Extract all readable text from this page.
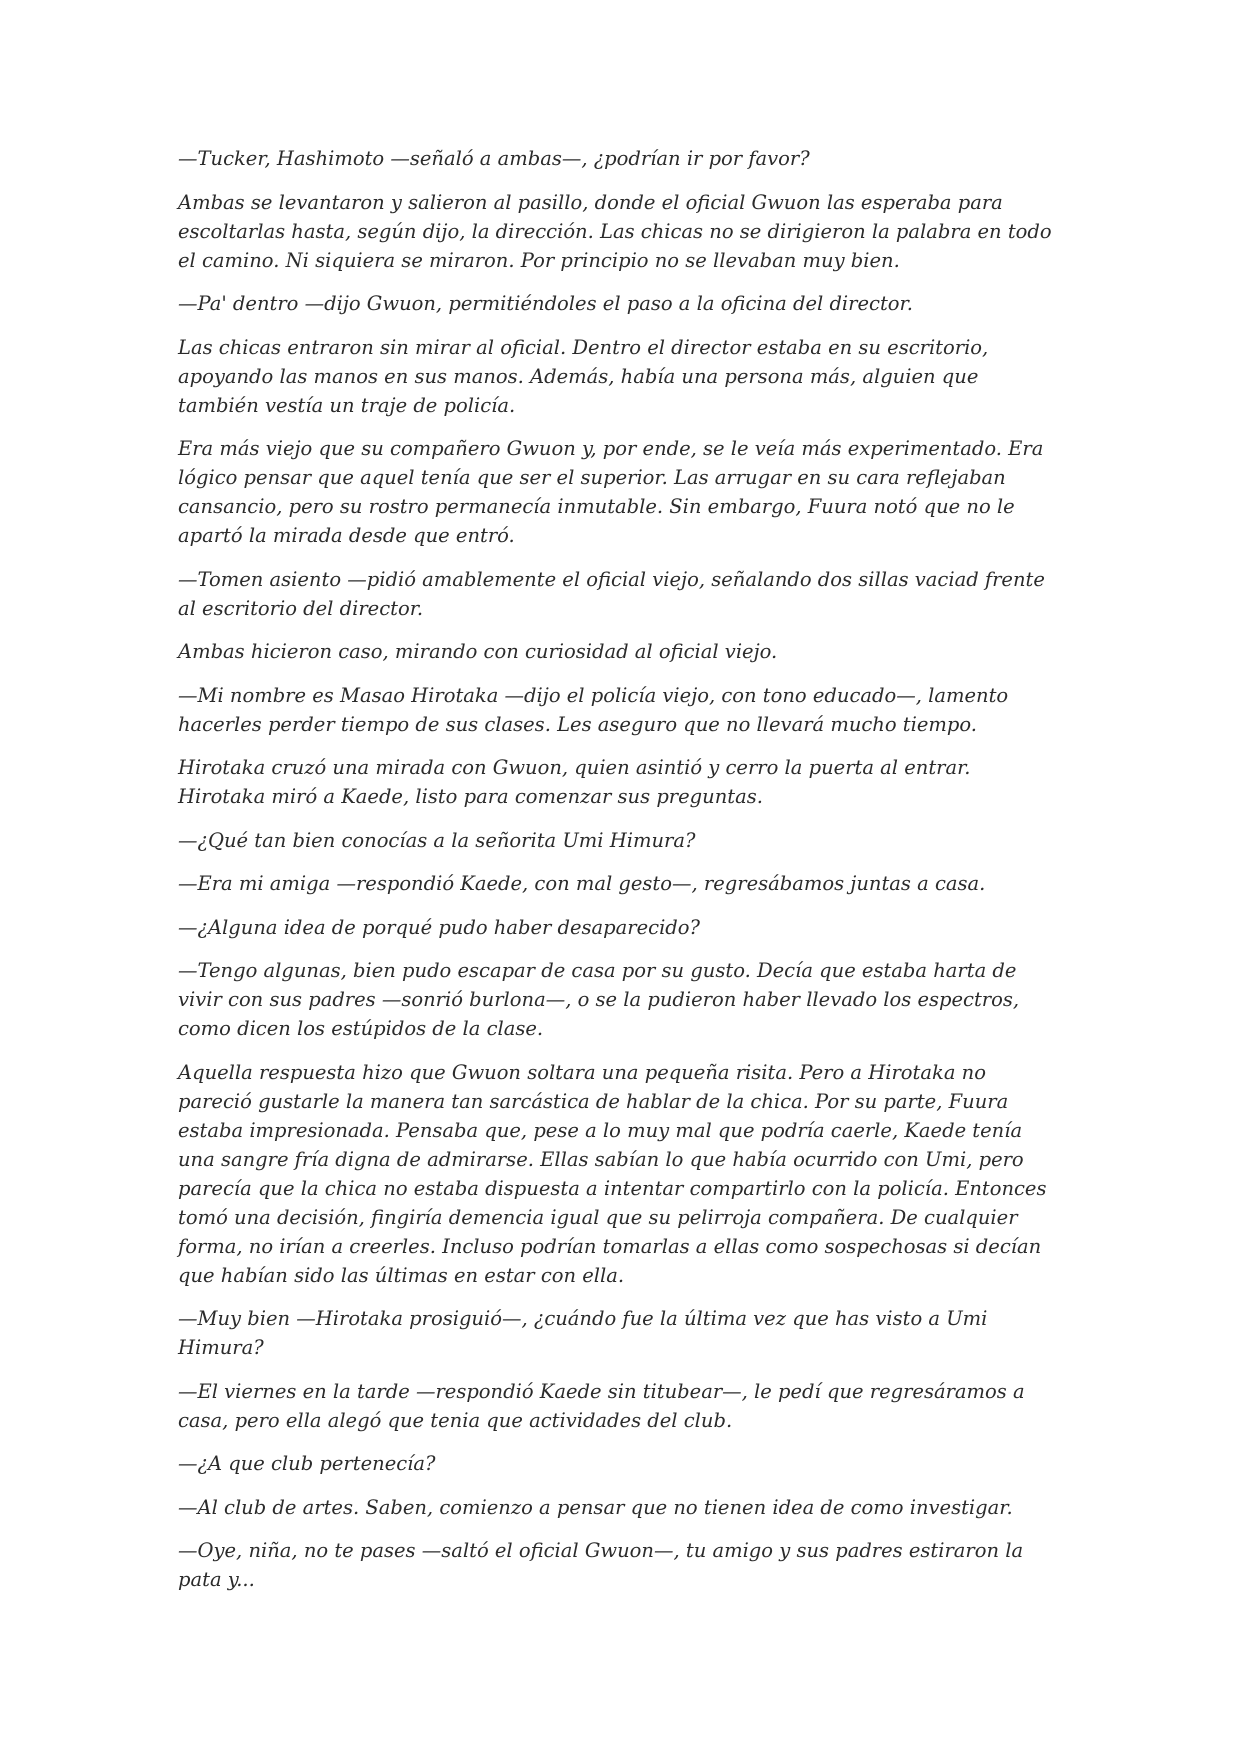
—Tucker, Hashimoto —señaló a ambas—, ¿podrían ir por favor?

Ambas se levantaron y salieron al pasillo, donde el oficial Gwuon las esperaba para escoltarlas hasta, según dijo, la dirección. Las chicas no se dirigieron la palabra en todo el camino. Ni siquiera se miraron. Por principio no se llevaban muy bien.

—Pa' dentro —dijo Gwuon, permitiéndoles el paso a la oficina del director.

Las chicas entraron sin mirar al oficial. Dentro el director estaba en su escritorio, apoyando las manos en sus manos. Además, había una persona más, alguien que también vestía un traje de policía.

Era más viejo que su compañero Gwuon y, por ende, se le veía más experimentado. Era lógico pensar que aquel tenía que ser el superior. Las arrugar en su cara reflejaban cansancio, pero su rostro permanecía inmutable. Sin embargo, Fuura notó que no le apartó la mirada desde que entró.

—Tomen asiento —pidió amablemente el oficial viejo, señalando dos sillas vaciad frente al escritorio del director.

Ambas hicieron caso, mirando con curiosidad al oficial viejo.

—Mi nombre es Masao Hirotaka —dijo el policía viejo, con tono educado—, lamento hacerles perder tiempo de sus clases. Les aseguro que no llevará mucho tiempo.

Hirotaka cruzó una mirada con Gwuon, quien asintió y cerro la puerta al entrar. Hirotaka miró a Kaede, listo para comenzar sus preguntas.

—¿Qué tan bien conocías a la señorita Umi Himura?

—Era mi amiga —respondió Kaede, con mal gesto—, regresábamos juntas a casa.

—¿Alguna idea de porqué pudo haber desaparecido?

—Tengo algunas, bien pudo escapar de casa por su gusto. Decía que estaba harta de vivir con sus padres —sonrió burlona—, o se la pudieron haber llevado los espectros, como dicen los estúpidos de la clase.

Aquella respuesta hizo que Gwuon soltara una pequeña risita. Pero a Hirotaka no pareció gustarle la manera tan sarcástica de hablar de la chica. Por su parte, Fuura estaba impresionada. Pensaba que, pese a lo muy mal que podría caerle, Kaede tenía una sangre fría digna de admirarse. Ellas sabían lo que había ocurrido con Umi, pero parecía que la chica no estaba dispuesta a intentar compartirlo con la policía. Entonces tomó una decisión, fingiría demencia igual que su pelirroja compañera. De cualquier forma, no irían a creerles. Incluso podrían tomarlas a ellas como sospechosas si decían que habían sido las últimas en estar con ella.

—Muy bien —Hirotaka prosiguió—, ¿cuándo fue la última vez que has visto a Umi Himura?

—El viernes en la tarde —respondió Kaede sin titubear—, le pedí que regresáramos a casa, pero ella alegó que tenia que actividades del club.

—¿A que club pertenecía?

—Al club de artes. Saben, comienzo a pensar que no tienen idea de como investigar.

—Oye, niña, no te pases —saltó el oficial Gwuon—, tu amigo y sus padres estiraron la pata y...
